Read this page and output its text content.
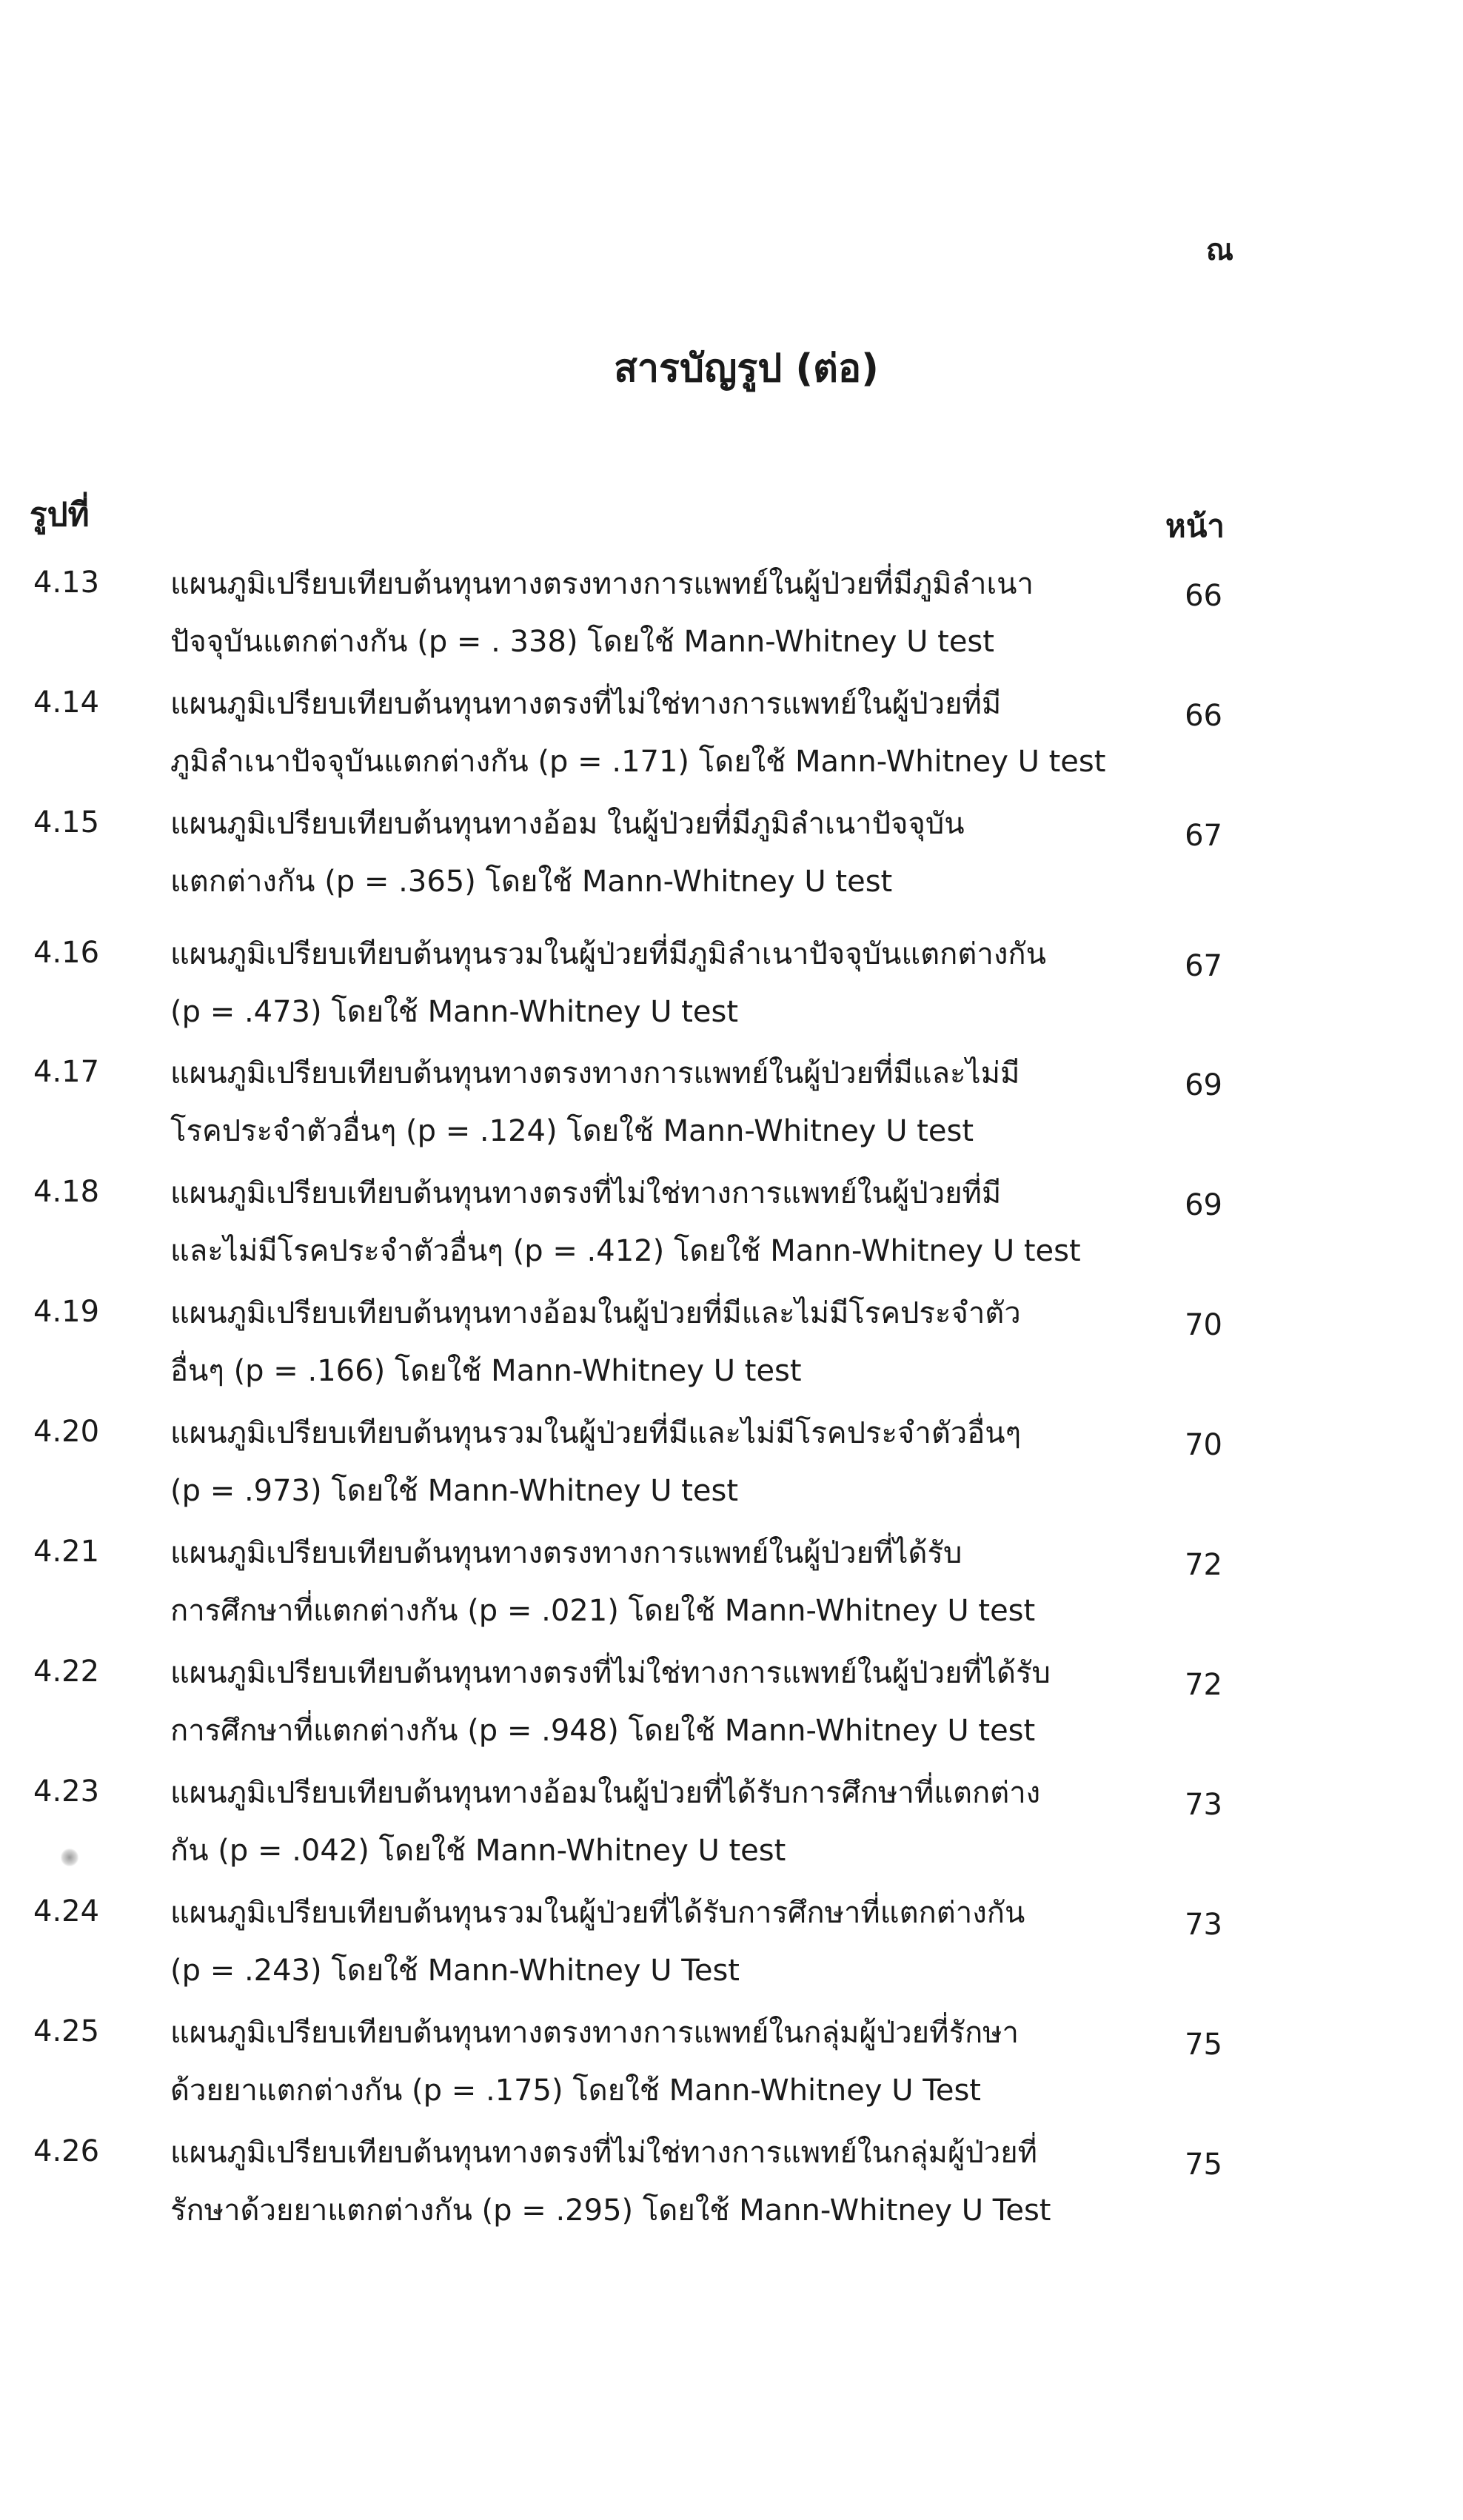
ณ
สารบัญรูป (ต่อ)
รูปที่	หน้า
4.13	แผนภูมิเปรียบเทียบต้นทุนทางตรงทางการแพทย์ในผู้ป่วยที่มีภูมิลำเนา
ปัจจุบันแตกต่างกัน (p = . 338) โดยใช้ Mann-Whitney U test
66
4.14	แผนภูมิเปรียบเทียบต้นทุนทางตรงที่ไม่ใช่ทางการแพทย์ในผู้ป่วยที่มี
ภูมิลำเนาปัจจุบันแตกต่างกัน (p = .171) โดยใช้ Mann-Whitney U test
66
4.15	แผนภูมิเปรียบเทียบต้นทุนทางอ้อม ในผู้ป่วยที่มีภูมิลำเนาปัจจุบัน
แตกต่างกัน (p = .365) โดยใช้ Mann-Whitney U test
67
4.16	แผนภูมิเปรียบเทียบต้นทุนรวมในผู้ป่วยที่มีภูมิลำเนาปัจจุบันแตกต่างกัน
(p = .473) โดยใช้ Mann-Whitney U test
67
4.17	แผนภูมิเปรียบเทียบต้นทุนทางตรงทางการแพทย์ในผู้ป่วยที่มีและไม่มี
โรคประจำตัวอื่นๆ (p = .124) โดยใช้ Mann-Whitney U test
69
4.18	แผนภูมิเปรียบเทียบต้นทุนทางตรงที่ไม่ใช่ทางการแพทย์ในผู้ป่วยที่มี
และไม่มีโรคประจำตัวอื่นๆ (p = .412) โดยใช้ Mann-Whitney U test
69
4.19	แผนภูมิเปรียบเทียบต้นทุนทางอ้อมในผู้ป่วยที่มีและไม่มีโรคประจำตัว
อื่นๆ (p = .166) โดยใช้ Mann-Whitney U test
70
4.20	แผนภูมิเปรียบเทียบต้นทุนรวมในผู้ป่วยที่มีและไม่มีโรคประจำตัวอื่นๆ
(p = .973) โดยใช้ Mann-Whitney U test
70
4.21	แผนภูมิเปรียบเทียบต้นทุนทางตรงทางการแพทย์ในผู้ป่วยที่ได้รับ
การศึกษาที่แตกต่างกัน (p = .021) โดยใช้ Mann-Whitney U test
72
4.22	แผนภูมิเปรียบเทียบต้นทุนทางตรงที่ไม่ใช่ทางการแพทย์ในผู้ป่วยที่ได้รับ
การศึกษาที่แตกต่างกัน (p = .948) โดยใช้ Mann-Whitney U test
72
4.23	แผนภูมิเปรียบเทียบต้นทุนทางอ้อมในผู้ป่วยที่ได้รับการศึกษาที่แตกต่าง
กัน (p = .042) โดยใช้ Mann-Whitney U test
73
4.24	แผนภูมิเปรียบเทียบต้นทุนรวมในผู้ป่วยที่ได้รับการศึกษาที่แตกต่างกัน
(p = .243) โดยใช้ Mann-Whitney U Test
73
4.25	แผนภูมิเปรียบเทียบต้นทุนทางตรงทางการแพทย์ในกลุ่มผู้ป่วยที่รักษา
ด้วยยาแตกต่างกัน (p = .175) โดยใช้ Mann-Whitney U Test
75
4.26	แผนภูมิเปรียบเทียบต้นทุนทางตรงที่ไม่ใช่ทางการแพทย์ในกลุ่มผู้ป่วยที่
รักษาด้วยยาแตกต่างกัน (p = .295) โดยใช้ Mann-Whitney U Test
75
